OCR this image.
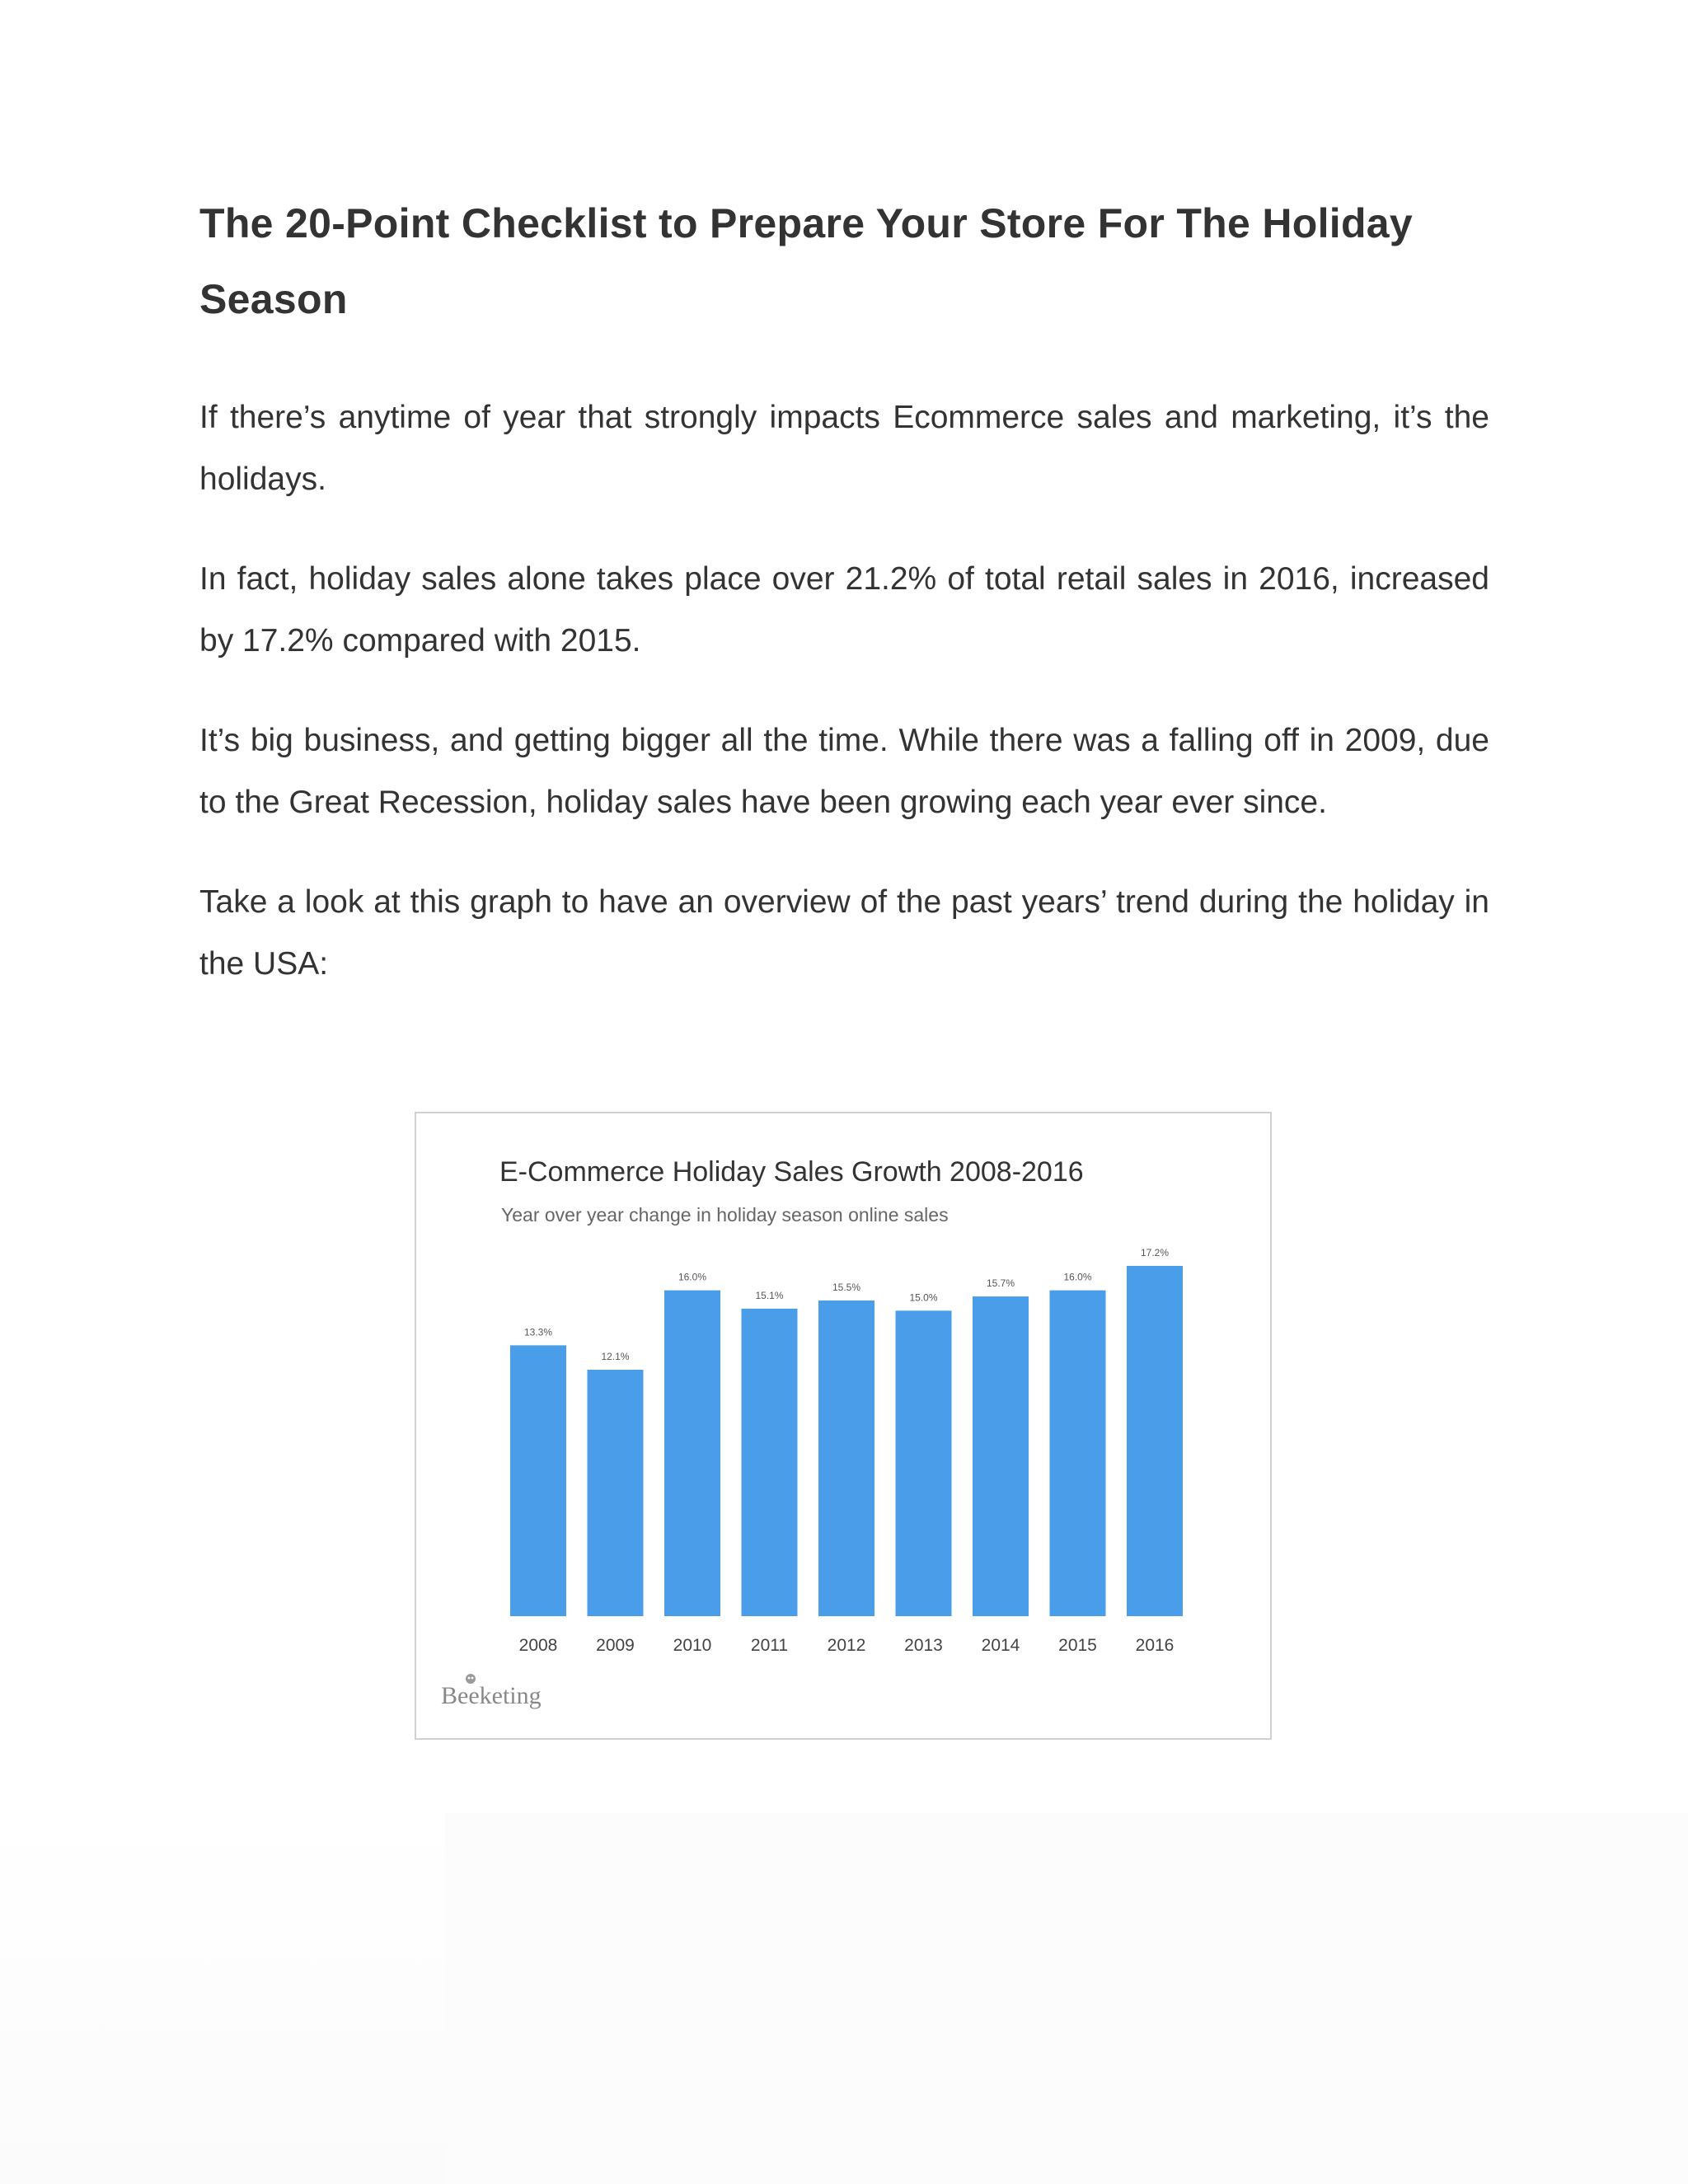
The 20-Point Checklist to Prepare Your Store For The Holiday Season

If there’s anytime of year that strongly impacts Ecommerce sales and marketing, it’s the holidays.

In fact, holiday sales alone takes place over 21.2% of total retail sales in 2016, increased by 17.2% compared with 2015.

It’s big business, and getting bigger all the time. While there was a falling off in 2009, due to the Great Recession, holiday sales have been growing each year ever since.

Take a look at this graph to have an overview of the past years’ trend during the holiday in the USA:

E-Commerce Holiday Sales Growth 2008-2016
Year over year change in holiday season online sales
13.3%
2008
12.1%
2009
16.0%
2010
15.1%
2011
15.5%
2012
15.0%
2013
15.7%
2014
16.0%
2015
17.2%
2016
Beeketing
